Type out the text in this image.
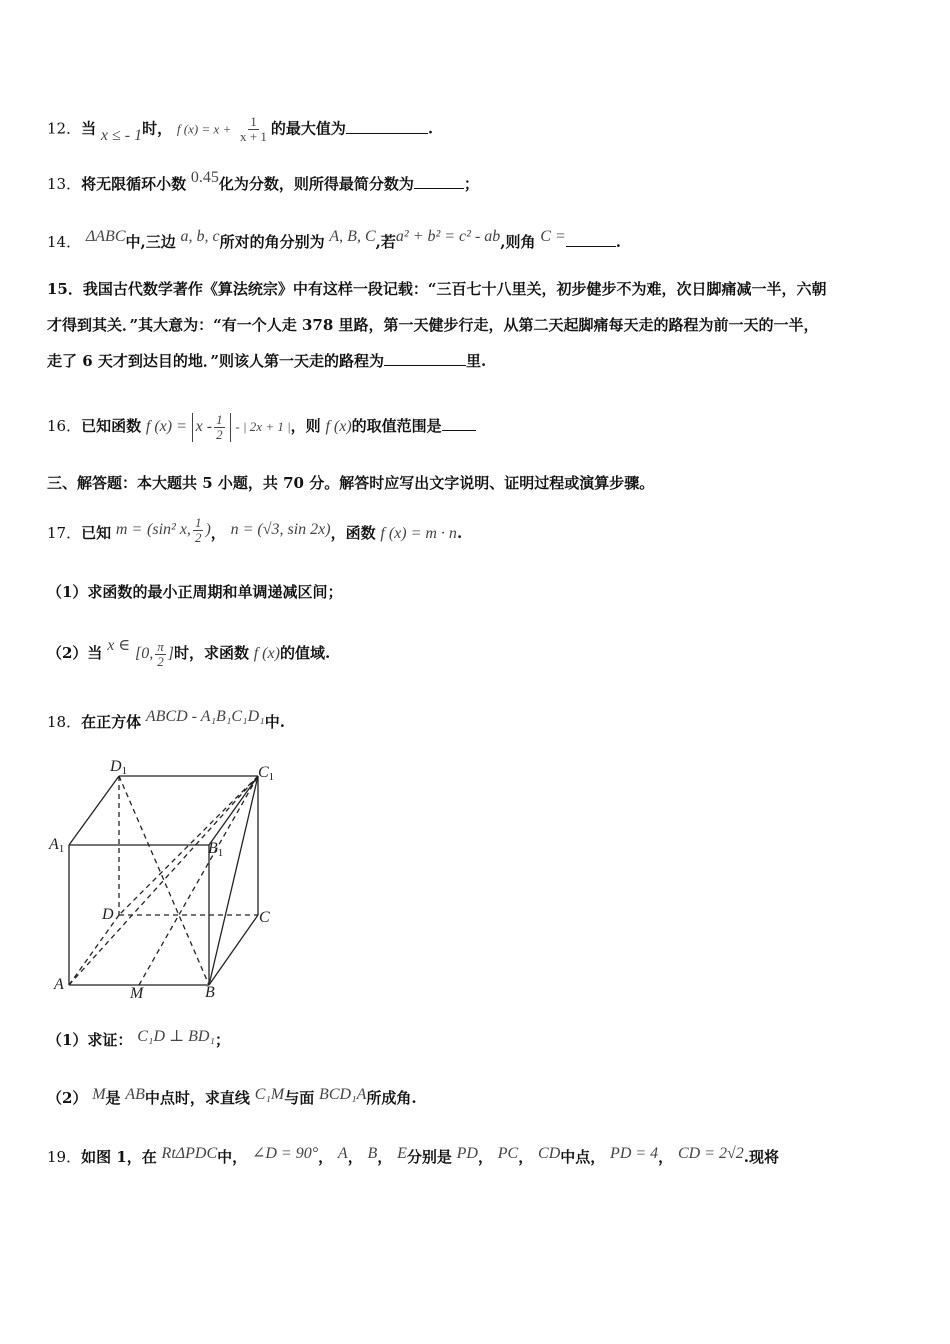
12．当 x ≤ - 1时， f $(x) = x + \frac{1}{x + 1}$ 的最大值为	.
13．将无限循环小数 0.45化为分数，则所得最简分数为	；
14． ΔABC中,三边 a, b, c所对的角分别为 A, B, C,若a² + b² = c² - ab,则角 C =	.
15．我国古代数学著作《算法统宗》中有这样一段记载：“三百七十八里关，初步健步不为难，次日脚痛减一半，六朝
才得到其关．”其大意为：“有一个人走 378 里路，第一天健步行走，从第二天起脚痛每天走的路程为前一天的一半，
走了 6 天才到达目的地．”则该人第一天走的路程为	里.
16．已知函数 f $(x) = x - \frac{1}{2}$ - | 2x + 1 |，则 f (x)的取值范围是
三、解答题：本大题共 5 小题，共 70 分。解答时应写出文字说明、证明过程或演算步骤。
17．已知 m = (sin² x, $\frac{1}{2}$ )， n = (√3, sin 2x)，函数 f (x) = m · n.
（1）求函数的最小正周期和单调递减区间；
（2）当 x ∈ [0, $\frac{\pi}{2}$ ]时，求函数 f (x)的值域.
18．在正方体 ABCD - A₁B₁C₁D₁中.
D1	C1
A1	B1
D	C
A
M	B
（1）求证： C₁D ⊥ BD₁；
（2） M是 AB中点时，求直线 C₁M与面 BCD₁A所成角.
19．如图 1，在 RtΔPDC中， ∠D = 90°， A， B， E分别是 PD， PC， CD中点， PD = 4， CD = 2√2.现将
